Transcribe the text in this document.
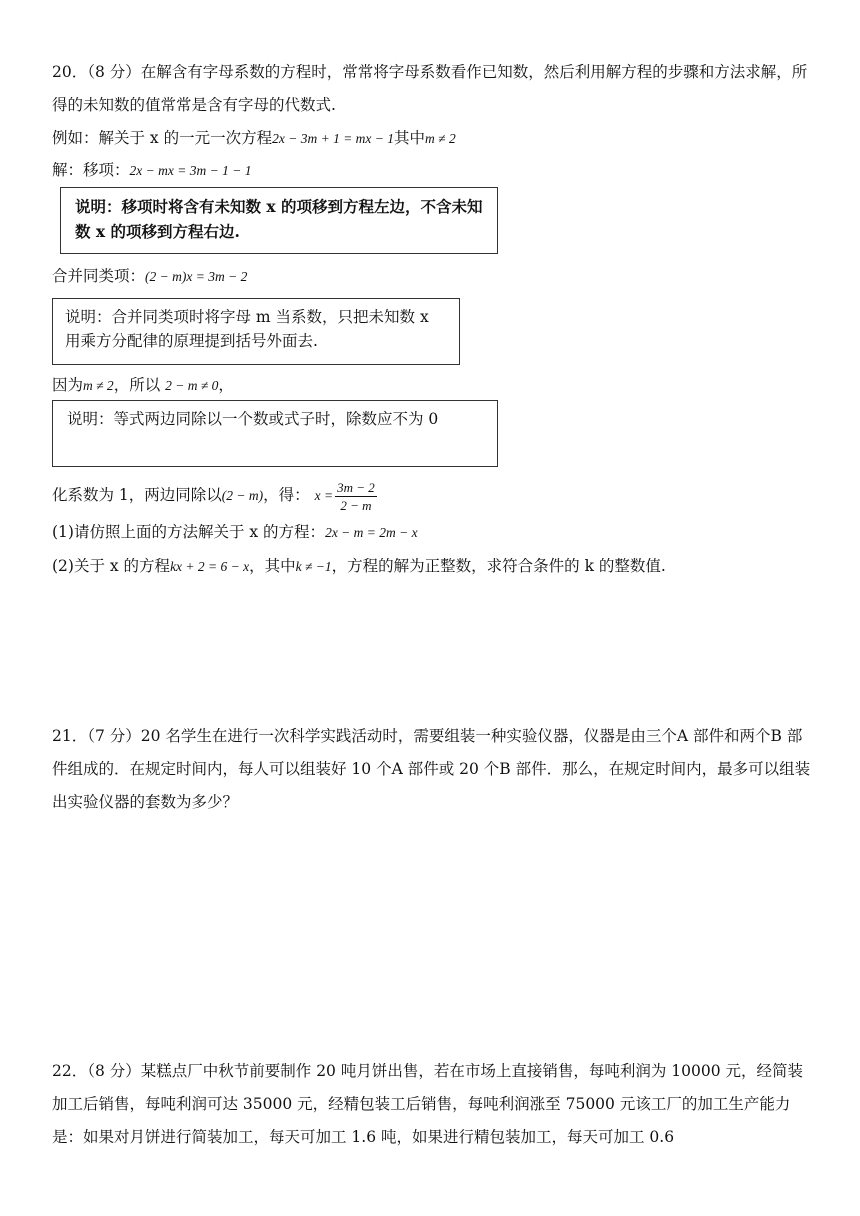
20．（8 分）在解含有字母系数的方程时，常常将字母系数看作已知数，然后利用解方程的步骤和方法求解，所得的未知数的值常常是含有字母的代数式.
例如：解关于 x 的一元一次方程2x − 3m + 1 = mx − 1其中m ≠ 2
解：移项：2x − mx = 3m − 1 − 1
说明：移项时将含有未知数 x 的项移到方程左边，不含未知数 x 的项移到方程右边.
合并同类项：(2 − m)x = 3m − 2
说明：合并同类项时将字母 m 当系数，只把未知数 x 用乘方分配律的原理提到括号外面去.
因为m ≠ 2，所以 2 − m ≠ 0，
说明：等式两边同除以一个数或式子时，除数应不为 0
化系数为 1，两边同除以(2 − m)，得： $x = \frac{3m - 2}{2 - m}$
(1)请仿照上面的方法解关于 x 的方程：2x − m = 2m − x
(2)关于 x 的方程kx + 2 = 6 − x，其中k ≠ −1，方程的解为正整数，求符合条件的 k 的整数值.
21．（7 分）20 名学生在进行一次科学实践活动时，需要组装一种实验仪器，仪器是由三个A 部件和两个B 部件组成的．在规定时间内，每人可以组装好 10 个A 部件或 20 个B 部件．那么，在规定时间内，最多可以组装出实验仪器的套数为多少？
22．（8 分）某糕点厂中秋节前要制作 20 吨月饼出售，若在市场上直接销售，每吨利润为 10000 元，经简装加工后销售，每吨利润可达 35000 元，经精包装工后销售，每吨利润涨至 75000 元该工厂的加工生产能力是：如果对月饼进行简装加工，每天可加工 1.6 吨，如果进行精包装加工，每天可加工 0.6
